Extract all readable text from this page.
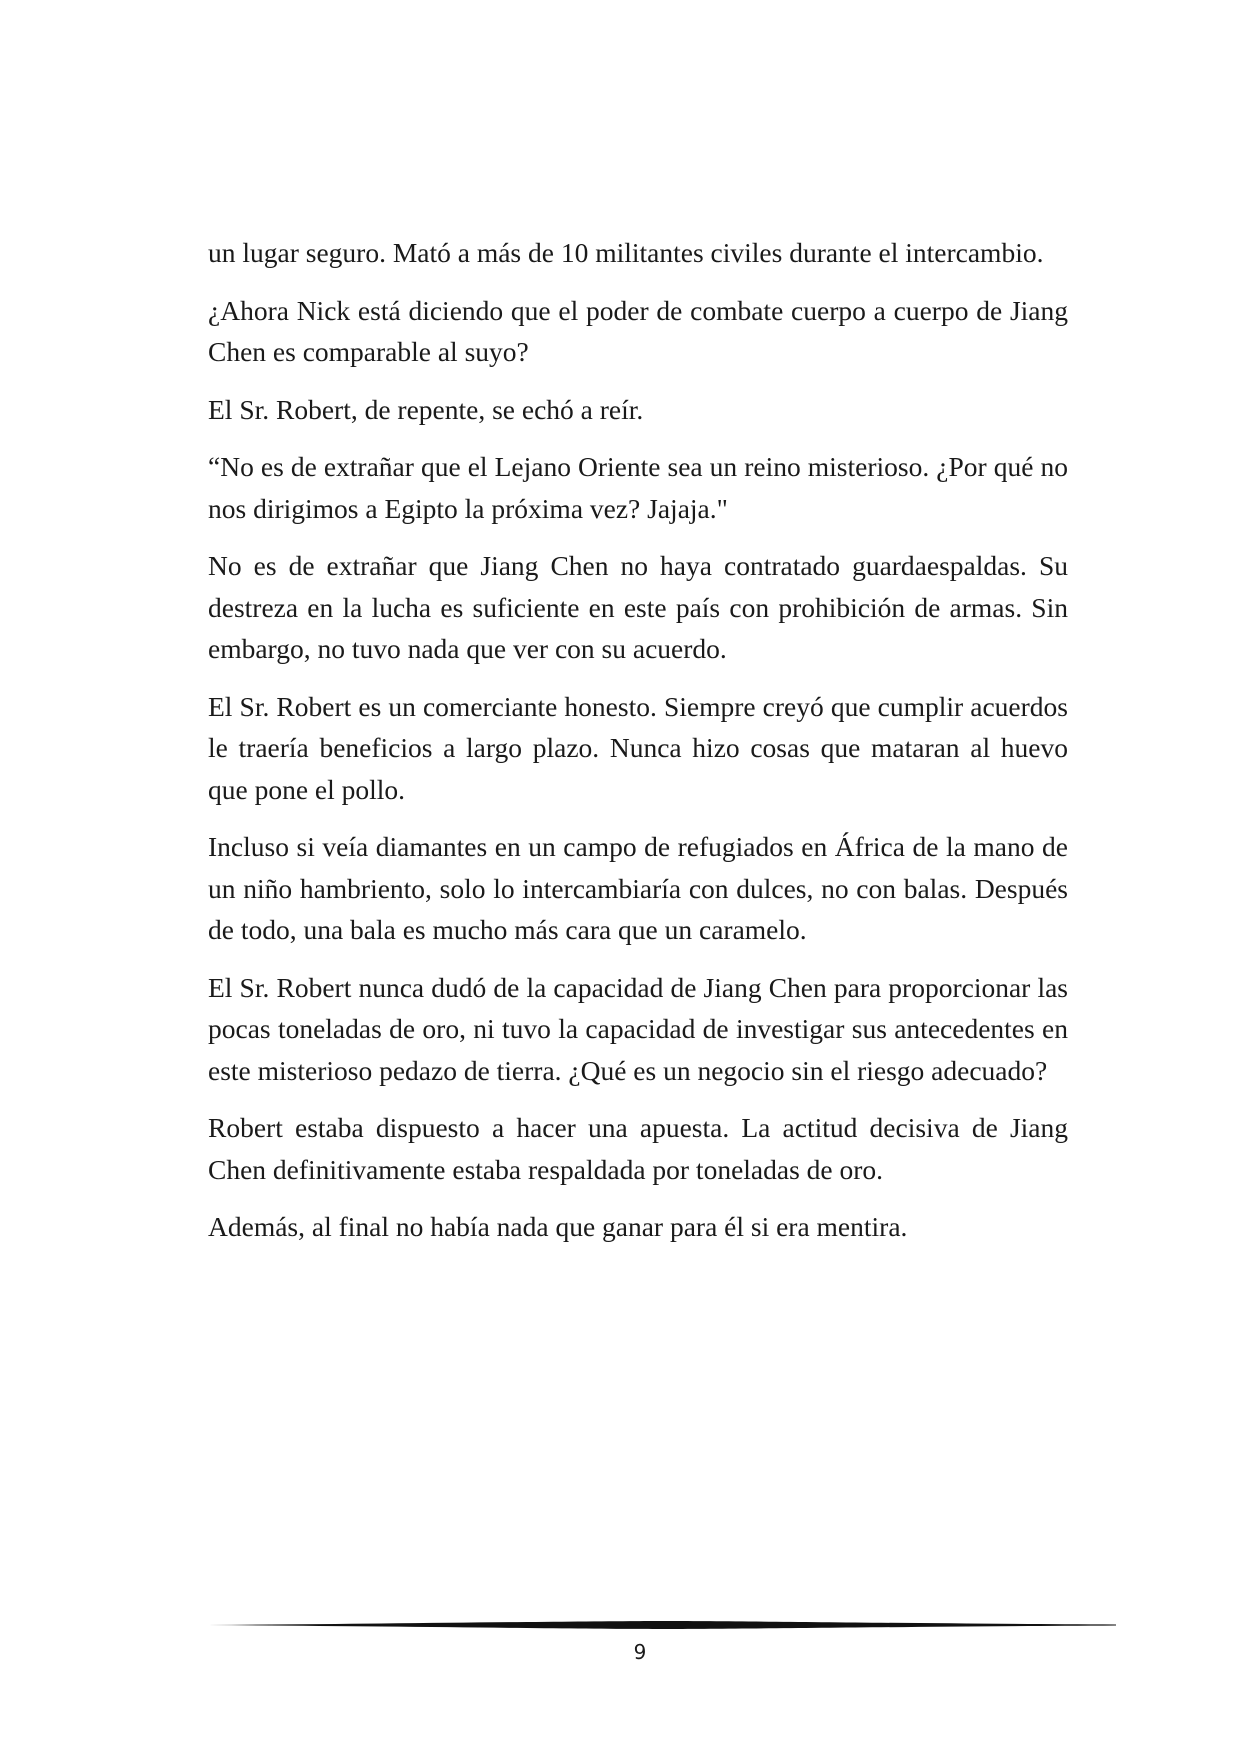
un lugar seguro. Mató a más de 10 militantes civiles durante el intercambio.

¿Ahora Nick está diciendo que el poder de combate cuerpo a cuerpo de Jiang Chen es comparable al suyo?

El Sr. Robert, de repente, se echó a reír.

“No es de extrañar que el Lejano Oriente sea un reino misterioso. ¿Por qué no nos dirigimos a Egipto la próxima vez? Jajaja."

No es de extrañar que Jiang Chen no haya contratado guardaespaldas. Su destreza en la lucha es suficiente en este país con prohibición de armas. Sin embargo, no tuvo nada que ver con su acuerdo.

El Sr. Robert es un comerciante honesto. Siempre creyó que cumplir acuerdos le traería beneficios a largo plazo. Nunca hizo cosas que mataran al huevo que pone el pollo.

Incluso si veía diamantes en un campo de refugiados en África de la mano de un niño hambriento, solo lo intercambiaría con dulces, no con balas. Después de todo, una bala es mucho más cara que un caramelo.

El Sr. Robert nunca dudó de la capacidad de Jiang Chen para proporcionar las pocas toneladas de oro, ni tuvo la capacidad de investigar sus antecedentes en este misterioso pedazo de tierra. ¿Qué es un negocio sin el riesgo adecuado?

Robert estaba dispuesto a hacer una apuesta. La actitud decisiva de Jiang Chen definitivamente estaba respaldada por toneladas de oro.

Además, al final no había nada que ganar para él si era mentira.

9
